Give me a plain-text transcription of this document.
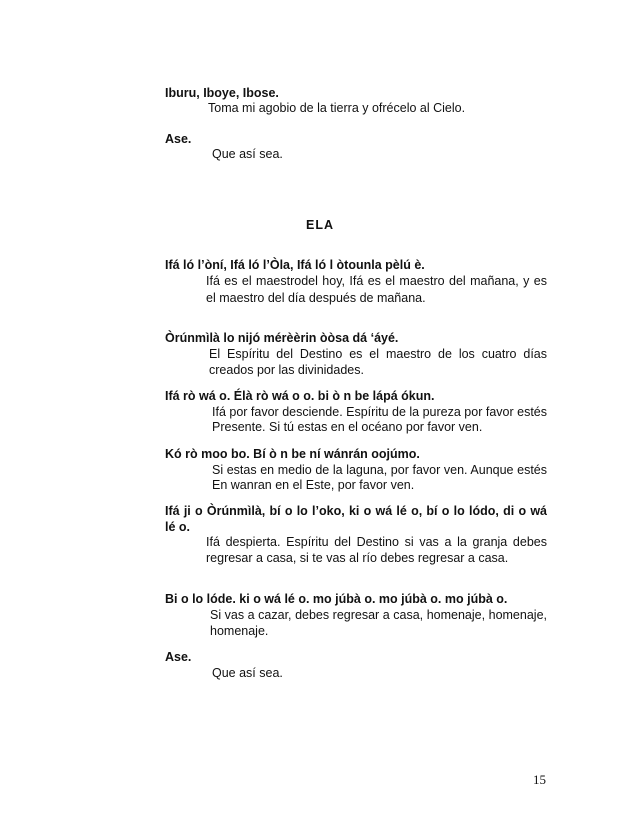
Iburu, Iboye, Ibose.
Toma mi agobio de la tierra y ofrécelo al Cielo.
Ase.
Que así sea.
ELA
Ifá ló l’òní, Ifá ló l’Òla, Ifá ló l òtounla pèlú è.
Ifá es el maestrodel hoy, Ifá es el maestro del mañana, y es
el maestro del día después de mañana.
Òrúnmìlà lo nijó mérèèrin òòsa dá ‘áyé.
El Espíritu del Destino es el maestro de los cuatro días
creados por las divinidades.
Ifá rò wá o. Élà rò wá o o. bi ò n be lápá ókun.
Ifá por favor desciende. Espíritu de la pureza por favor estés
Presente. Si tú estas en el océano por favor ven.
Kó rò moo bo. Bí ò n be ní wánrán oojúmo.
Si estas en medio de la laguna, por favor ven. Aunque estés
En wanran en el Este, por favor ven.
Ifá ji o Òrúnmìlà, bí o lo l’oko, ki o wá lé o, bí o lo lódo, di o wá
lé o.
Ifá despierta. Espíritu del Destino si vas a la granja debes
regresar a casa, si te vas al río debes regresar a casa.
Bi o lo lóde. ki o wá lé o. mo júbà o. mo júbà o. mo júbà o.
Si vas a cazar, debes regresar a casa, homenaje, homenaje,
homenaje.
Ase.
Que así sea.
15
